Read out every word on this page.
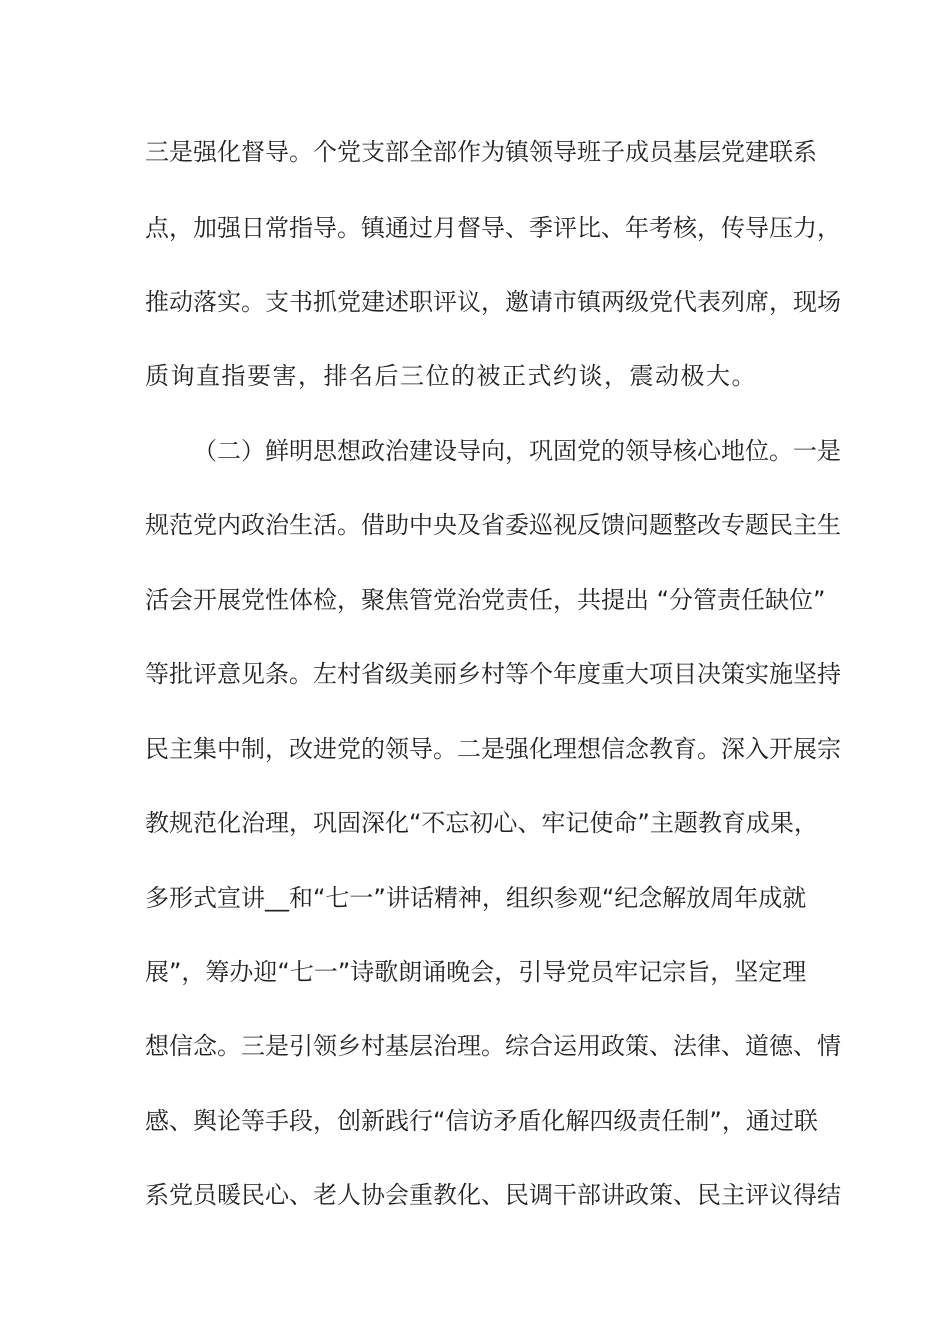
三是强化督导。个党支部全部作为镇领导班子成员基层党建联系
点，加强日常指导。镇通过月督导、季评比、年考核，传导压力，
推动落实。支书抓党建述职评议，邀请市镇两级党代表列席，现场
质询直指要害，排名后三位的被正式约谈，震动极大。
（二）鲜明思想政治建设导向，巩固党的领导核心地位。一是
规范党内政治生活。借助中央及省委巡视反馈问题整改专题民主生
活会开展党性体检，聚焦管党治党责任，共提出 “分管责任缺位”
等批评意见条。左村省级美丽乡村等个年度重大项目决策实施坚持
民主集中制，改进党的领导。二是强化理想信念教育。深入开展宗
教规范化治理，巩固深化“不忘初心、牢记使命”主题教育成果，
多形式宣讲__和“七一”讲话精神，组织参观“纪念解放周年成就
展”，筹办迎“七一”诗歌朗诵晚会，引导党员牢记宗旨，坚定理
想信念。三是引领乡村基层治理。综合运用政策、法律、道德、情
感、舆论等手段，创新践行“信访矛盾化解四级责任制”，通过联
系党员暖民心、老人协会重教化、民调干部讲政策、民主评议得结
